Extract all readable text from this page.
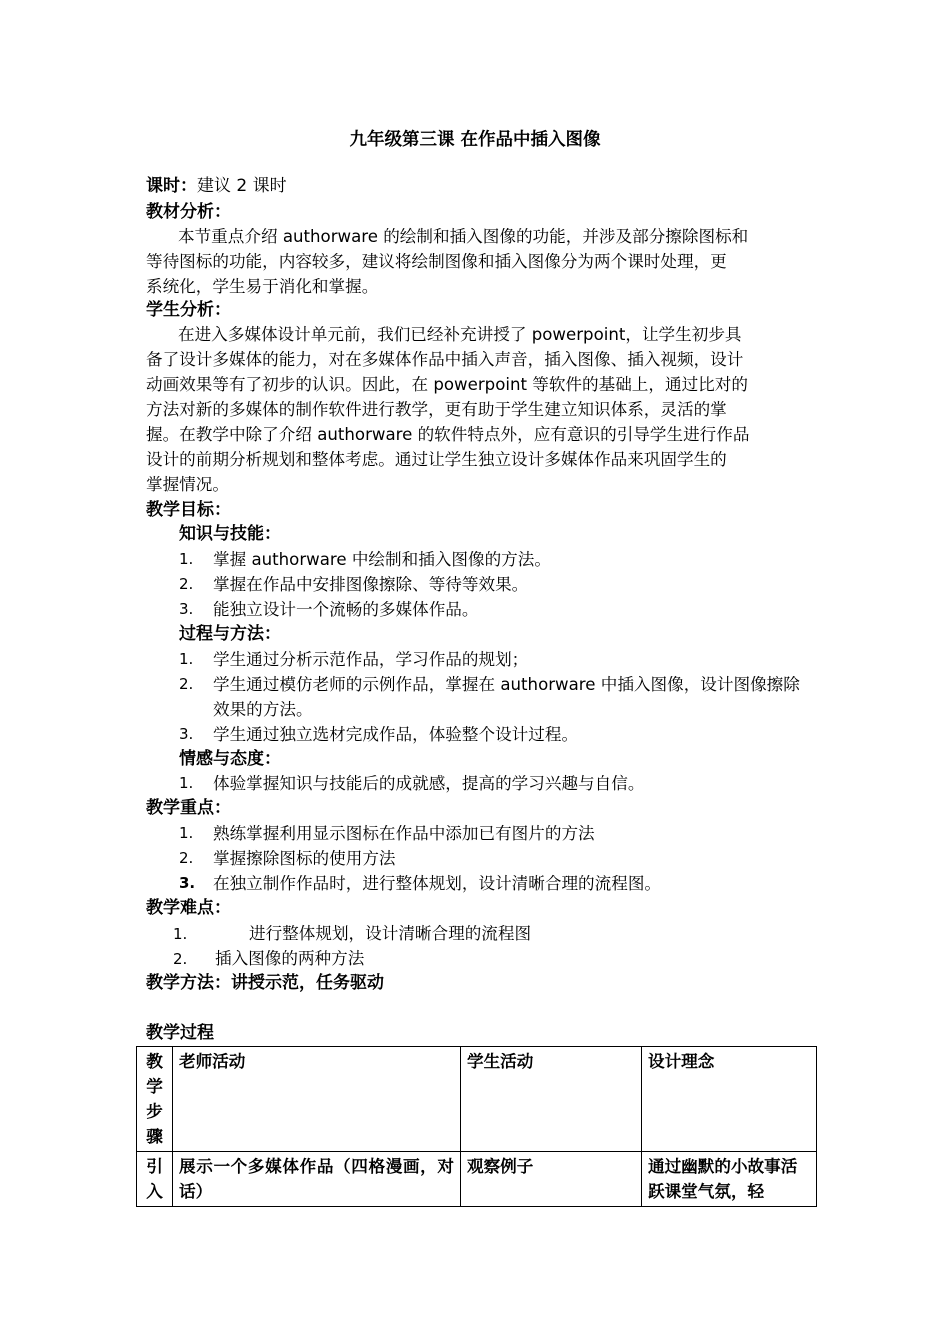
九年级第三课 在作品中插入图像
课时：建议 2 课时
教材分析：
本节重点介绍 authorware 的绘制和插入图像的功能，并涉及部分擦除图标和
等待图标的功能，内容较多，建议将绘制图像和插入图像分为两个课时处理，更
系统化，学生易于消化和掌握。
学生分析：
在进入多媒体设计单元前，我们已经补充讲授了 powerpoint，让学生初步具
备了设计多媒体的能力，对在多媒体作品中插入声音，插入图像、插入视频，设计
动画效果等有了初步的认识。因此，在 powerpoint 等软件的基础上，通过比对的
方法对新的多媒体的制作软件进行教学，更有助于学生建立知识体系，灵活的掌
握。在教学中除了介绍 authorware 的软件特点外，应有意识的引导学生进行作品
设计的前期分析规划和整体考虑。通过让学生独立设计多媒体作品来巩固学生的
掌握情况。
教学目标：
知识与技能：
1.	掌握 authorware 中绘制和插入图像的方法。
2.	掌握在作品中安排图像擦除、等待等效果。
3.	能独立设计一个流畅的多媒体作品。
过程与方法：
1.	学生通过分析示范作品，学习作品的规划；
2.	学生通过模仿老师的示例作品，掌握在 authorware 中插入图像，设计图像擦除效果的方法。
3.	学生通过独立选材完成作品，体验整个设计过程。
情感与态度：
1.	体验掌握知识与技能后的成就感，提高的学习兴趣与自信。
教学重点：
1.	熟练掌握利用显示图标在作品中添加已有图片的方法
2.	掌握擦除图标的使用方法
3.	在独立制作作品时，进行整体规划，设计清晰合理的流程图。
教学难点：
1.	进行整体规划，设计清晰合理的流程图
2. 插入图像的两种方法
教学方法：讲授示范，任务驱动
教学过程
教学步骤	老师活动	学生活动	设计理念
引入	展示一个多媒体作品（四格漫画，对话）	观察例子	通过幽默的小故事活跃课堂气氛，轻
